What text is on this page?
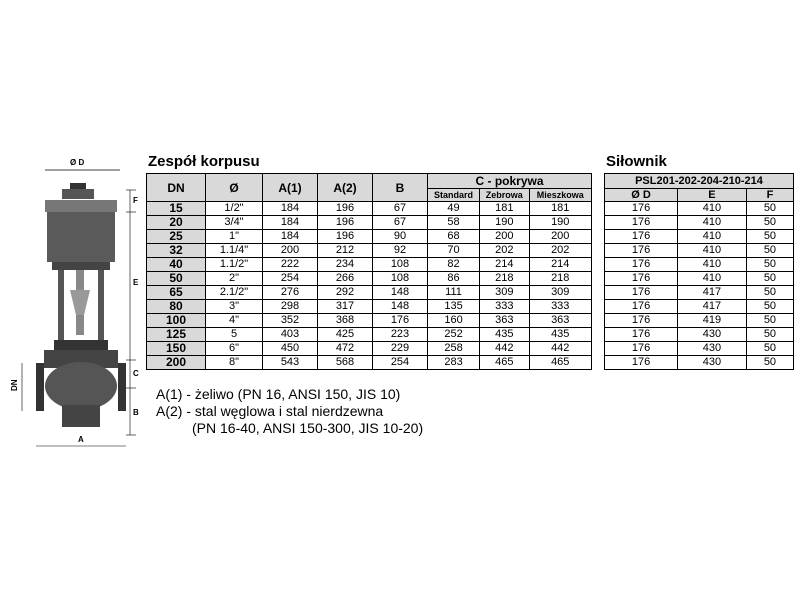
Ø D
F
E
C
B
DN
A
Zespół korpusu	Siłownik
DN	Ø	A(1)	A(2)	B	C - pokrywa		
					Standard	Zebrowa	Mieszkowa
15	1/2"	184	196	67	49	181	181
20	3/4"	184	196	67	58	190	190
25	1"	184	196	90	68	200	200
32	1.1/4"	200	212	92	70	202	202
40	1.1/2"	222	234	108	82	214	214
50	2"	254	266	108	86	218	218
65	2.1/2"	276	292	148	111	309	309
80	3"	298	317	148	135	333	333
100	4"	352	368	176	160	363	363
125	5	403	425	223	252	435	435
150	6"	450	472	229	258	442	442
200	8"	543	568	254	283	465	465
PSL201-202-204-210-214		
Ø D	E	F
176	410	50
176	410	50
176	410	50
176	410	50
176	410	50
176	410	50
176	417	50
176	417	50
176	419	50
176	430	50
176	430	50
176	430	50
A(1) - żeliwo (PN 16, ANSI 150, JIS 10)
A(2) - stal węglowa i stal nierdzewna
(PN 16-40, ANSI 150-300, JIS 10-20)
